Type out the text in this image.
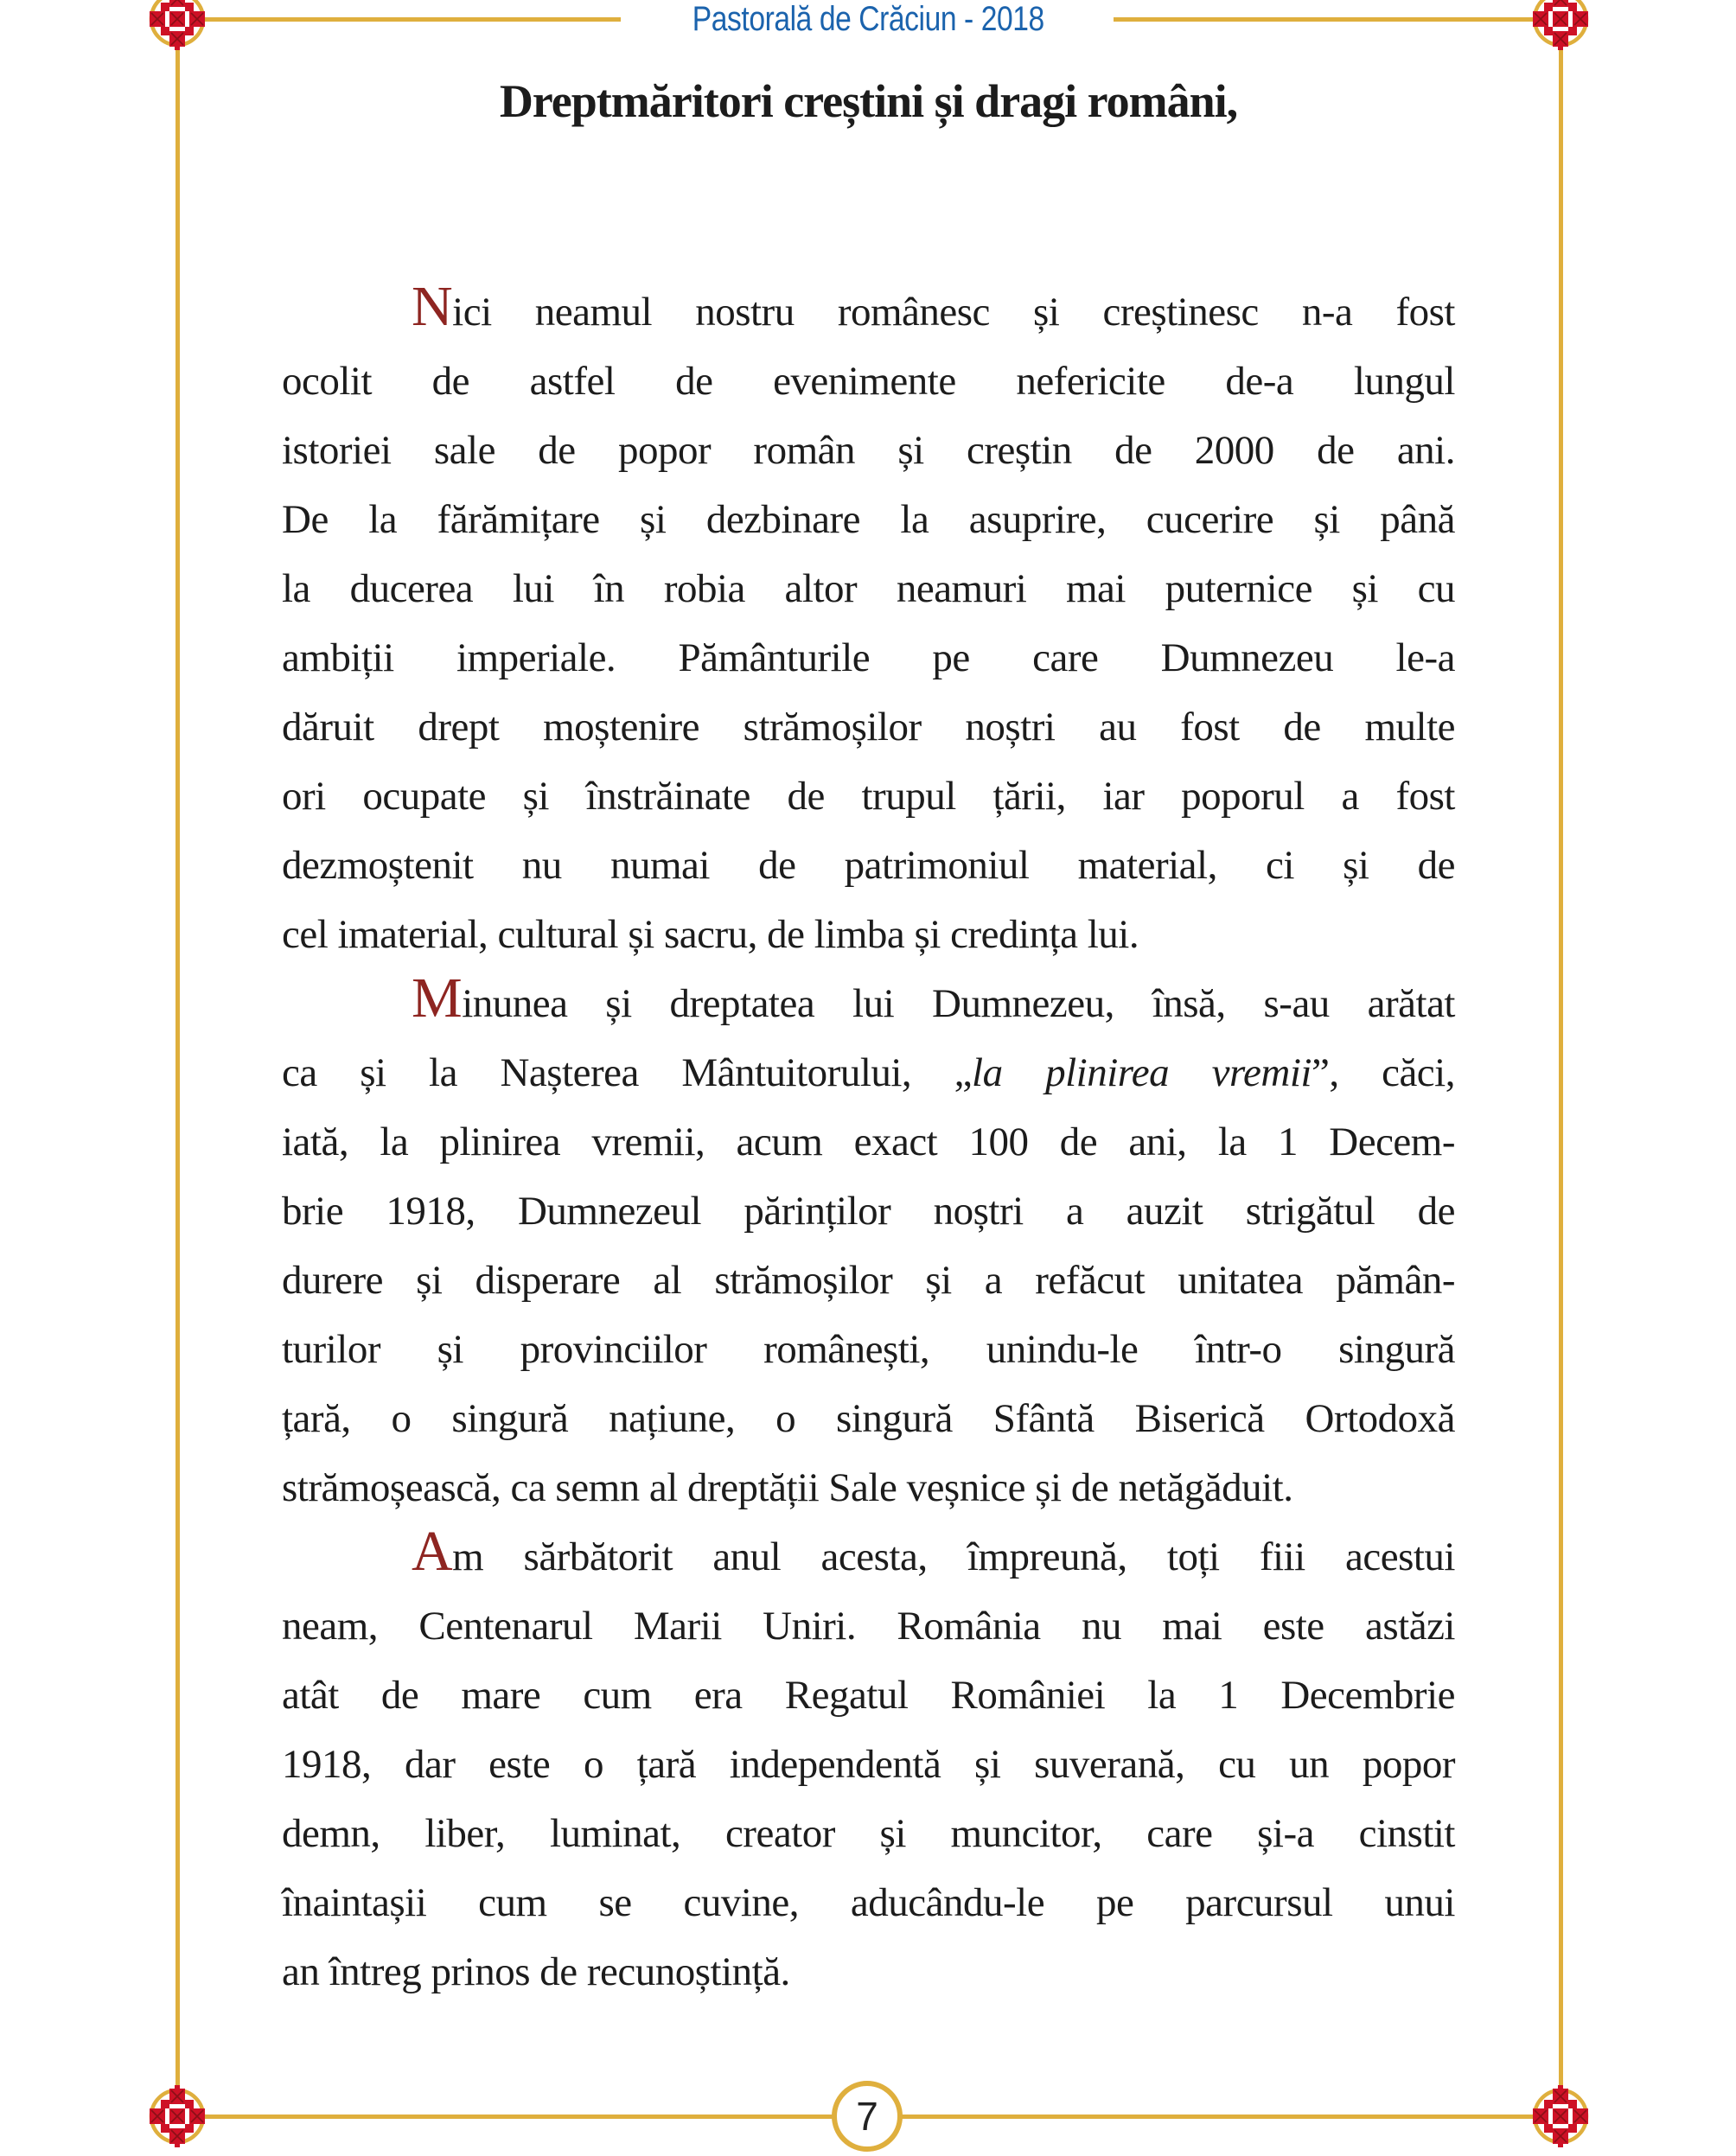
Pastorală de Crăciun - 2018
Dreptmăritori creștini și dragi români,
Nici neamul nostru românesc și creștinesc n-a fost
ocolit de astfel de evenimente nefericite de-a lungul
istoriei sale de popor român și creștin de 2000 de ani.
De la fărămițare și dezbinare la asuprire, cucerire și până
la ducerea lui în robia altor neamuri mai puternice și cu
ambiții imperiale. Pământurile pe care Dumnezeu le-a
dăruit drept moștenire strămoșilor noștri au fost de multe
ori ocupate și înstrăinate de trupul țării, iar poporul a fost
dezmoștenit nu numai de patrimoniul material, ci și de
cel imaterial, cultural și sacru, de limba și credința lui.
Minunea și dreptatea lui Dumnezeu, însă, s-au arătat
ca și la Nașterea Mântuitorului, „la plinirea vremii”, căci,
iată, la plinirea vremii, acum exact 100 de ani, la 1 Decem-
brie 1918, Dumnezeul părinților noștri a auzit strigătul de
durere și disperare al strămoșilor și a refăcut unitatea pămân-
turilor și provinciilor românești, unindu-le într-o singură
țară, o singură națiune, o singură Sfântă Biserică Ortodoxă
strămoșească, ca semn al dreptății Sale veșnice și de netăgăduit.
Am sărbătorit anul acesta, împreună, toți fiii acestui
neam, Centenarul Marii Uniri. România nu mai este astăzi
atât de mare cum era Regatul României la 1 Decembrie
1918, dar este o țară independentă și suverană, cu un popor
demn, liber, luminat, creator și muncitor, care și-a cinstit
înaintașii cum se cuvine, aducându-le pe parcursul unui
an întreg prinos de recunoștință.
7
